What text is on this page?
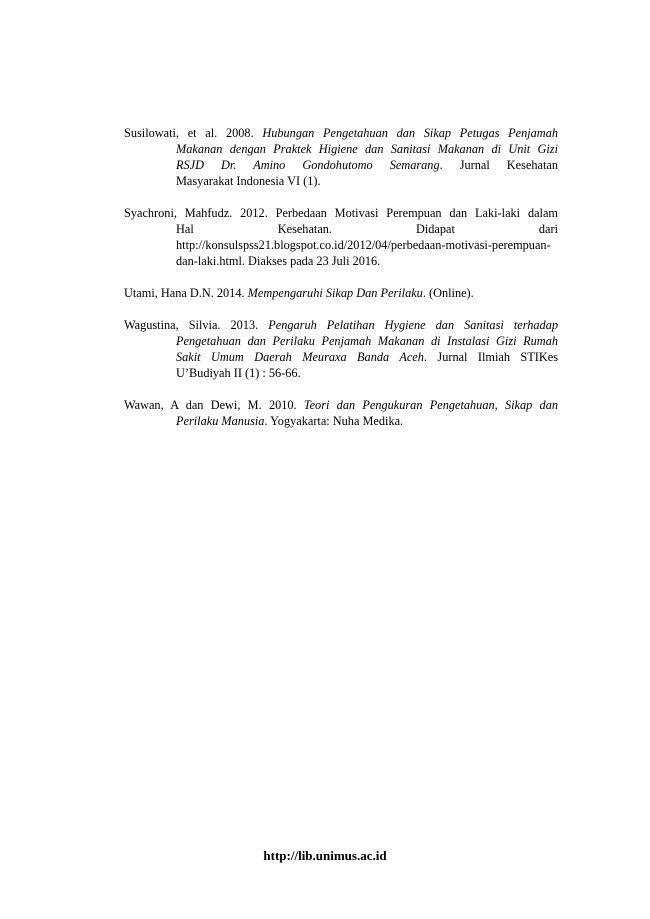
Susilowati, et al. 2008. Hubungan Pengetahuan dan Sikap Petugas Penjamah
Makanan dengan Praktek Higiene dan Sanitasi Makanan di Unit Gizi
RSJD Dr. Amino Gondohutomo Semarang. Jurnal Kesehatan
Masyarakat Indonesia VI (1).
Syachroni, Mahfudz. 2012. Perbedaan Motivasi Perempuan dan Laki-laki dalam
Hal Kesehatan. Didapat dari
http://konsulspss21.blogspot.co.id/2012/04/perbedaan-motivasi-perempuan-
dan-laki.html. Diakses pada 23 Juli 2016.
Utami, Hana D.N. 2014. Mempengaruhi Sikap Dan Perilaku. (Online).
Wagustina, Silvia. 2013. Pengaruh Pelatihan Hygiene dan Sanitasi terhadap
Pengetahuan dan Perilaku Penjamah Makanan di Instalasi Gizi Rumah
Sakit Umum Daerah Meuraxa Banda Aceh. Jurnal Ilmiah STIKes
U’Budiyah II (1) : 56-66.
Wawan, A dan Dewi, M. 2010. Teori dan Pengukuran Pengetahuan, Sikap dan
Perilaku Manusia. Yogyakarta: Nuha Medika.
http://lib.unimus.ac.id
